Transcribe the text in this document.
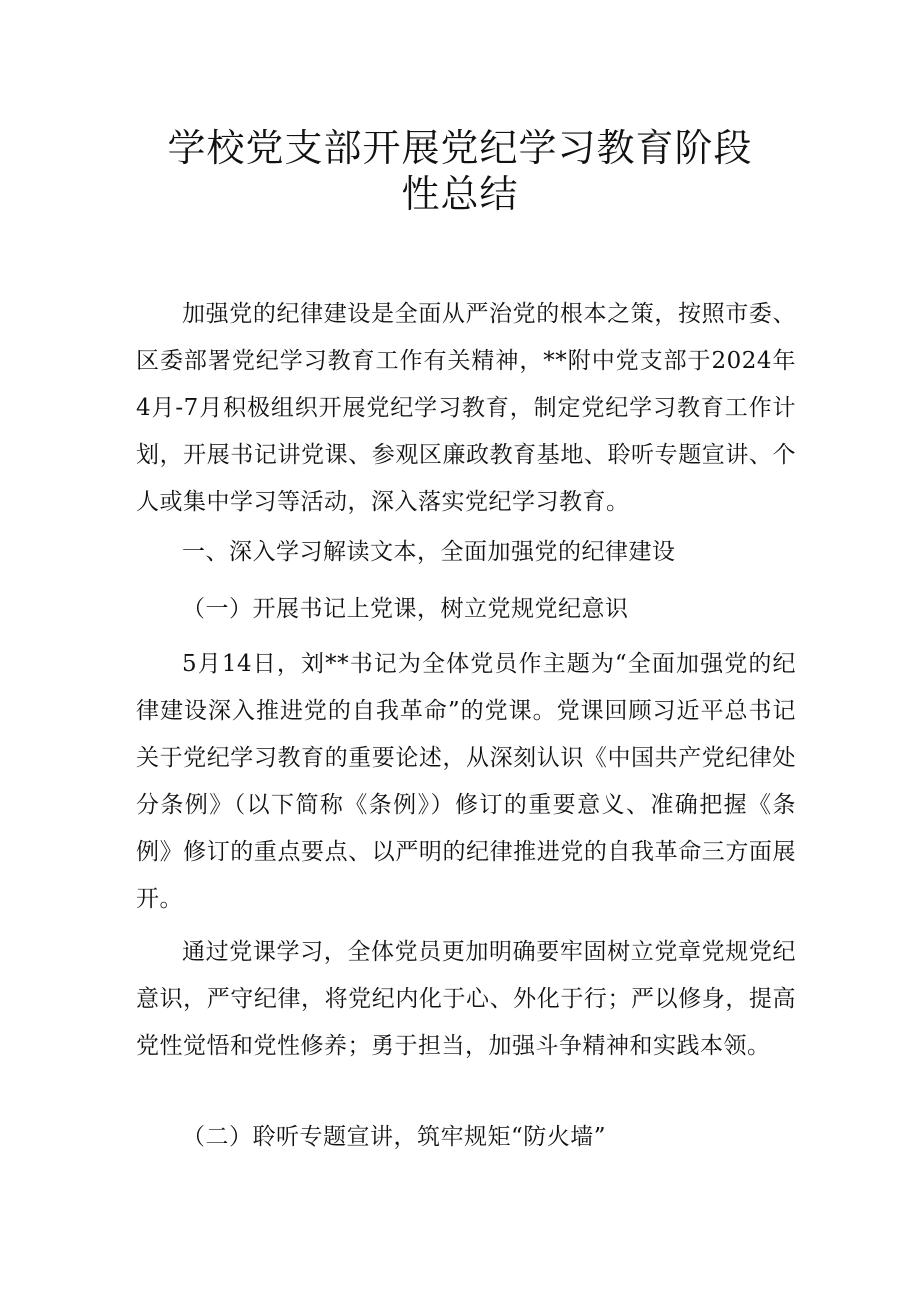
学校党支部开展党纪学习教育阶段
性总结

加强党的纪律建设是全面从严治党的根本之策，按照市委、区委部署党纪学习教育工作有关精神，**附中党支部于2024年4月-7月积极组织开展党纪学习教育，制定党纪学习教育工作计划，开展书记讲党课、参观区廉政教育基地、聆听专题宣讲、个人或集中学习等活动，深入落实党纪学习教育。

一、深入学习解读文本，全面加强党的纪律建设

（一）开展书记上党课，树立党规党纪意识

5月14日，刘**书记为全体党员作主题为“全面加强党的纪律建设深入推进党的自我革命”的党课。党课回顾习近平总书记关于党纪学习教育的重要论述，从深刻认识《中国共产党纪律处分条例》（以下简称《条例》）修订的重要意义、准确把握《条例》修订的重点要点、以严明的纪律推进党的自我革命三方面展开。

通过党课学习，全体党员更加明确要牢固树立党章党规党纪意识，严守纪律，将党纪内化于心、外化于行；严以修身，提高党性觉悟和党性修养；勇于担当，加强斗争精神和实践本领。

（二）聆听专题宣讲，筑牢规矩“防火墙”
